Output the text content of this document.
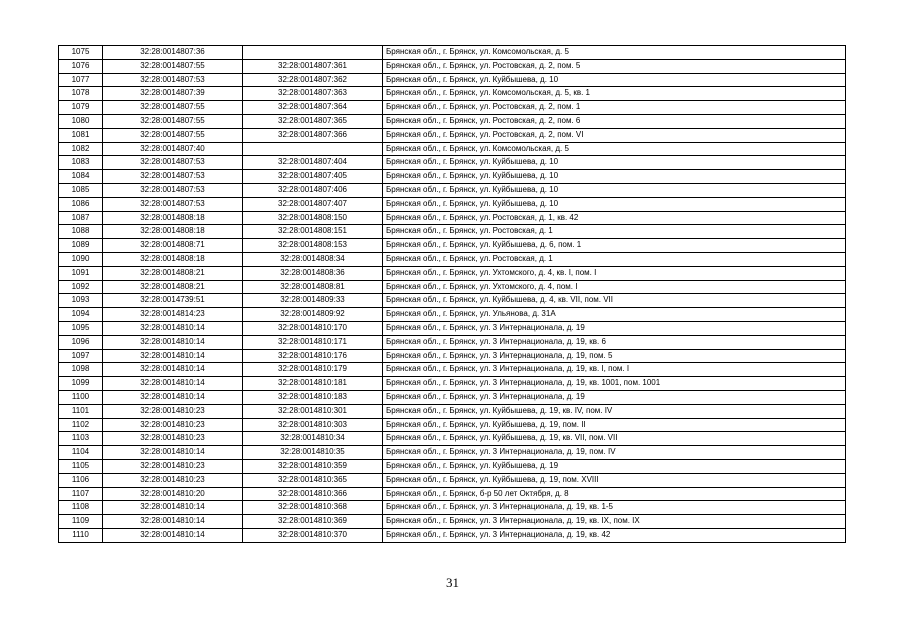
1075	32:28:0014807:36		Брянская обл., г. Брянск, ул. Комсомольская, д. 5
1076	32:28:0014807:55	32:28:0014807:361	Брянская обл., г. Брянск, ул. Ростовская, д. 2, пом. 5
1077	32:28:0014807:53	32:28:0014807:362	Брянская обл., г. Брянск, ул. Куйбышева, д. 10
1078	32:28:0014807:39	32:28:0014807:363	Брянская обл., г. Брянск, ул. Комсомольская, д. 5, кв. 1
1079	32:28:0014807:55	32:28:0014807:364	Брянская обл., г. Брянск, ул. Ростовская, д. 2, пом. 1
1080	32:28:0014807:55	32:28:0014807:365	Брянская обл., г. Брянск, ул. Ростовская, д. 2, пом. 6
1081	32:28:0014807:55	32:28:0014807:366	Брянская обл., г. Брянск, ул. Ростовская, д. 2, пом. VI
1082	32:28:0014807:40		Брянская обл., г. Брянск, ул. Комсомольская, д. 5
1083	32:28:0014807:53	32:28:0014807:404	Брянская обл., г. Брянск, ул. Куйбышева, д. 10
1084	32:28:0014807:53	32:28:0014807:405	Брянская обл., г. Брянск, ул. Куйбышева, д. 10
1085	32:28:0014807:53	32:28:0014807:406	Брянская обл., г. Брянск, ул. Куйбышева, д. 10
1086	32:28:0014807:53	32:28:0014807:407	Брянская обл., г. Брянск, ул. Куйбышева, д. 10
1087	32:28:0014808:18	32:28:0014808:150	Брянская обл., г. Брянск, ул. Ростовская, д. 1, кв. 42
1088	32:28:0014808:18	32:28:0014808:151	Брянская обл., г. Брянск, ул. Ростовская, д. 1
1089	32:28:0014808:71	32:28:0014808:153	Брянская обл., г. Брянск, ул. Куйбышева, д. 6, пом. 1
1090	32:28:0014808:18	32:28:0014808:34	Брянская обл., г. Брянск, ул. Ростовская, д. 1
1091	32:28:0014808:21	32:28:0014808:36	Брянская обл., г. Брянск, ул. Ухтомского, д. 4, кв. I, пом. I
1092	32:28:0014808:21	32:28:0014808:81	Брянская обл., г. Брянск, ул. Ухтомского, д. 4, пом. I
1093	32:28:0014739:51	32:28:0014809:33	Брянская обл., г. Брянск, ул. Куйбышева, д. 4, кв. VII, пом. VII
1094	32:28:0014814:23	32:28:0014809:92	Брянская обл., г. Брянск, ул. Ульянова, д. 31А
1095	32:28:0014810:14	32:28:0014810:170	Брянская обл., г. Брянск, ул. 3 Интернационала, д. 19
1096	32:28:0014810:14	32:28:0014810:171	Брянская обл., г. Брянск, ул. 3 Интернационала, д. 19, кв. 6
1097	32:28:0014810:14	32:28:0014810:176	Брянская обл., г. Брянск, ул. 3 Интернационала, д. 19, пом. 5
1098	32:28:0014810:14	32:28:0014810:179	Брянская обл., г. Брянск, ул. 3 Интернационала, д. 19, кв. I, пом. I
1099	32:28:0014810:14	32:28:0014810:181	Брянская обл., г. Брянск, ул. 3 Интернационала, д. 19, кв. 1001, пом. 1001
1100	32:28:0014810:14	32:28:0014810:183	Брянская обл., г. Брянск, ул. 3 Интернационала, д. 19
1101	32:28:0014810:23	32:28:0014810:301	Брянская обл., г. Брянск, ул. Куйбышева, д. 19, кв. IV, пом. IV
1102	32:28:0014810:23	32:28:0014810:303	Брянская обл., г. Брянск, ул. Куйбышева, д. 19, пом. II
1103	32:28:0014810:23	32:28:0014810:34	Брянская обл., г. Брянск, ул. Куйбышева, д. 19, кв. VII, пом. VII
1104	32:28:0014810:14	32:28:0014810:35	Брянская обл., г. Брянск, ул. 3 Интернационала, д. 19, пом. IV
1105	32:28:0014810:23	32:28:0014810:359	Брянская обл., г. Брянск, ул. Куйбышева, д. 19
1106	32:28:0014810:23	32:28:0014810:365	Брянская обл., г. Брянск, ул. Куйбышева, д. 19, пом. XVIII
1107	32:28:0014810:20	32:28:0014810:366	Брянская обл., г. Брянск, б-р 50 лет Октября, д. 8
1108	32:28:0014810:14	32:28:0014810:368	Брянская обл., г. Брянск, ул. 3 Интернационала, д. 19, кв. 1-5
1109	32:28:0014810:14	32:28:0014810:369	Брянская обл., г. Брянск, ул. 3 Интернационала, д. 19, кв. IX, пом. IX
1110	32:28:0014810:14	32:28:0014810:370	Брянская обл., г. Брянск, ул. 3 Интернационала, д. 19, кв. 42
31
